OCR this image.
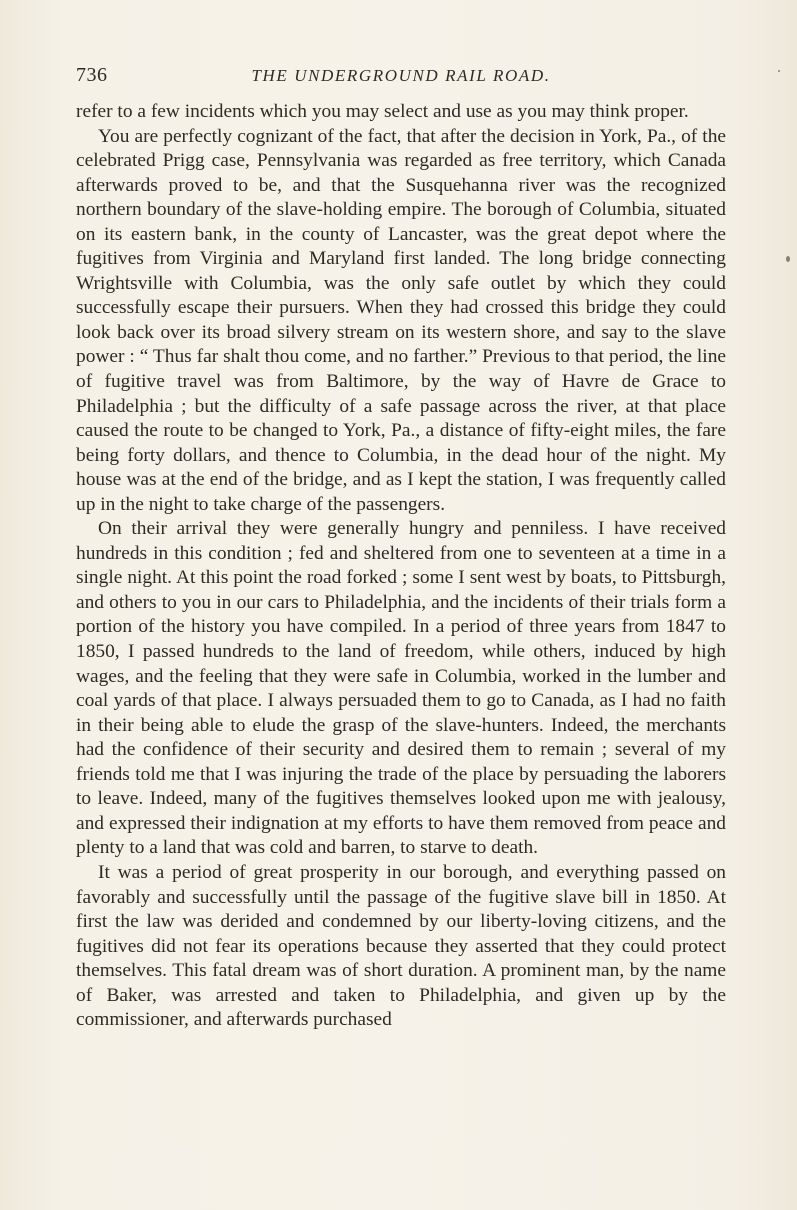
736	THE UNDERGROUND RAIL ROAD.

refer to a few incidents which you may select and use as you may think proper.

You are perfectly cognizant of the fact, that after the decision in York, Pa., of the celebrated Prigg case, Pennsylvania was regarded as free territory, which Canada afterwards proved to be, and that the Susquehanna river was the recognized northern boundary of the slave-holding empire. The borough of Columbia, situated on its eastern bank, in the county of Lancaster, was the great depot where the fugitives from Virginia and Maryland first landed. The long bridge connecting Wrightsville with Columbia, was the only safe outlet by which they could successfully escape their pursuers. When they had crossed this bridge they could look back over its broad silvery stream on its western shore, and say to the slave power : “ Thus far shalt thou come, and no farther.” Previous to that period, the line of fugitive travel was from Baltimore, by the way of Havre de Grace to Philadelphia ; but the difficulty of a safe passage across the river, at that place caused the route to be changed to York, Pa., a distance of fifty-eight miles, the fare being forty dollars, and thence to Columbia, in the dead hour of the night. My house was at the end of the bridge, and as I kept the station, I was frequently called up in the night to take charge of the passengers.

On their arrival they were generally hungry and penniless. I have received hundreds in this condition ; fed and sheltered from one to seventeen at a time in a single night. At this point the road forked ; some I sent west by boats, to Pittsburgh, and others to you in our cars to Philadelphia, and the incidents of their trials form a portion of the history you have compiled. In a period of three years from 1847 to 1850, I passed hundreds to the land of freedom, while others, induced by high wages, and the feeling that they were safe in Columbia, worked in the lumber and coal yards of that place. I always persuaded them to go to Canada, as I had no faith in their being able to elude the grasp of the slave-hunters. Indeed, the merchants had the confidence of their security and desired them to remain ; several of my friends told me that I was injuring the trade of the place by persuading the laborers to leave. Indeed, many of the fugitives themselves looked upon me with jealousy, and expressed their indignation at my efforts to have them removed from peace and plenty to a land that was cold and barren, to starve to death.

It was a period of great prosperity in our borough, and everything passed on favorably and successfully until the passage of the fugitive slave bill in 1850. At first the law was derided and condemned by our liberty-loving citizens, and the fugitives did not fear its operations because they asserted that they could protect themselves. This fatal dream was of short duration. A prominent man, by the name of Baker, was arrested and taken to Philadelphia, and given up by the commissioner, and afterwards purchased
